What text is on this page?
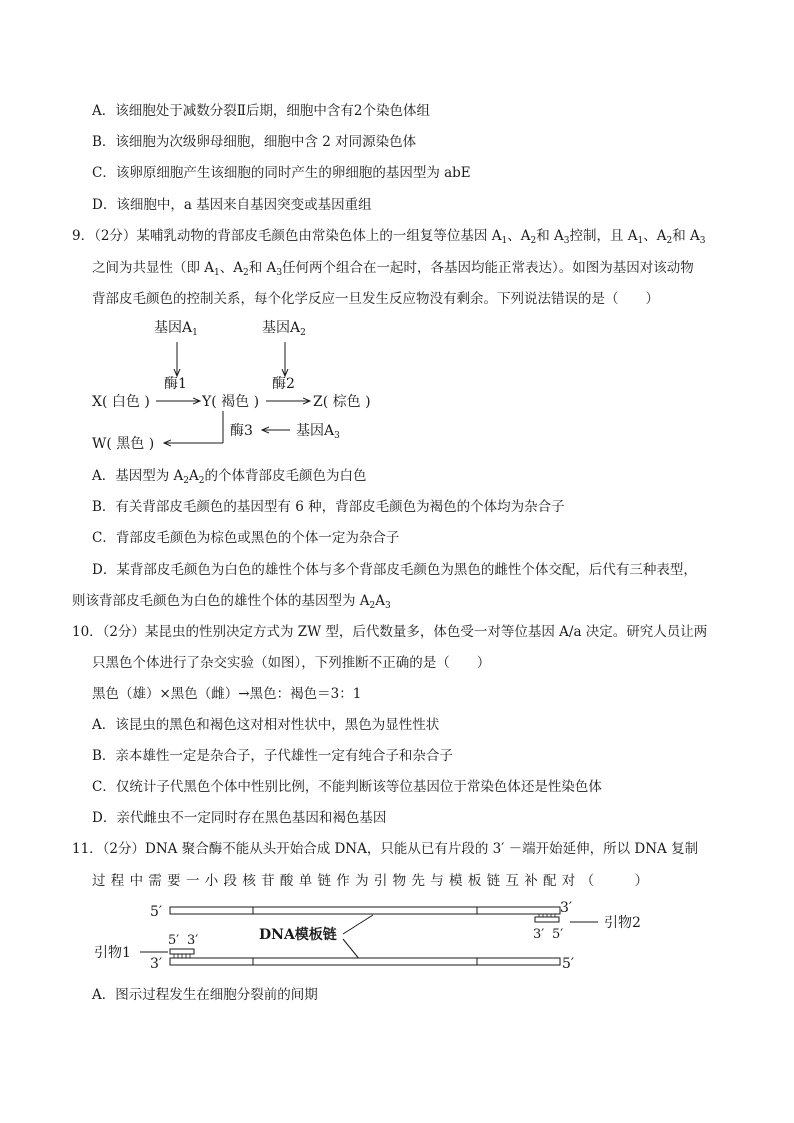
A．该细胞处于减数分裂Ⅱ后期，细胞中含有2个染色体组
B．该细胞为次级卵母细胞，细胞中含 2 对同源染色体
C．该卵原细胞产生该细胞的同时产生的卵细胞的基因型为 abE
D．该细胞中，a 基因来自基因突变或基因重组
9．（2分）某哺乳动物的背部皮毛颜色由常染色体上的一组复等位基因 $A_1$、$A_2$和 $A_3$控制，且 $A_1$、$A_2$和 $A_3$
之间为共显性（即 $A_1$、$A_2$和 $A_3$任何两个组合在一起时，各基因均能正常表达）。如图为基因对该动物
背部皮毛颜色的控制关系，每个化学反应一旦发生反应物没有剩余。下列说法错误的是（　　）
基因$A_1$	基因$A_2$
酶1	酶2
X( 白色 )	Y( 褐色 )	Z( 棕色 )
W( 黑色 )
酶3	基因$A_3$
A．基因型为 $A_2A_2$的个体背部皮毛颜色为白色
B．有关背部皮毛颜色的基因型有 6 种，背部皮毛颜色为褐色的个体均为杂合子
C．背部皮毛颜色为棕色或黑色的个体一定为杂合子
D．某背部皮毛颜色为白色的雄性个体与多个背部皮毛颜色为黑色的雌性个体交配，后代有三种表型，
则该背部皮毛颜色为白色的雄性个体的基因型为 $A_2A_3$
10．（2分）某昆虫的性别决定方式为 ZW 型，后代数量多，体色受一对等位基因 A/a 决定。研究人员让两
只黑色个体进行了杂交实验（如图），下列推断不正确的是（　　）
黑色（雄）×黑色（雌）→黑色：褐色＝3：1
A．该昆虫的黑色和褐色这对相对性状中，黑色为显性性状
B．亲本雄性一定是杂合子，子代雄性一定有纯合子和杂合子
C．仅统计子代黑色个体中性别比例，不能判断该等位基因位于常染色体还是性染色体
D．亲代雌虫不一定同时存在黑色基因和褐色基因
11．（2分）DNA 聚合酶不能从头开始合成 DNA，只能从已有片段的 3′ －端开始延伸，所以 DNA 复制
过 程 中 需 要 一 小 段 核 苷 酸 单 链 作 为 引 物 先 与 模 板 链 互 补 配 对 （　　　）
5′	3′
3′ 5′
引物2
DNA模板链
引物1
5′ 3′
3′	5′
A．图示过程发生在细胞分裂前的间期
